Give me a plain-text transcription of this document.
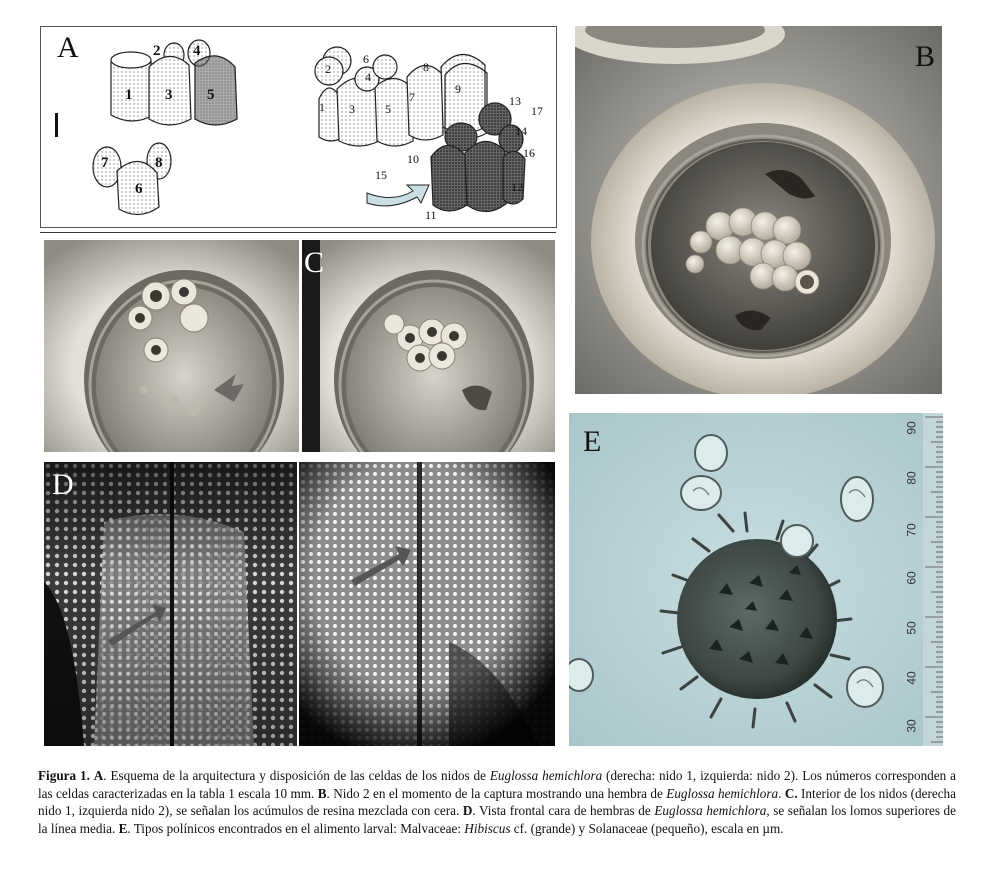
A
1
2
3
4
5
6
7	8
1
2
3
4
5
6
7
8
9
10
11
12
13
14
15
16
17
B
C
D
E	90
80
70
60
50
40
30
Figura 1. A. Esquema de la arquitectura y disposición de las celdas de los nidos de Euglossa hemichlora (derecha: nido 1, izquierda: nido 2). Los números corresponden a las celdas caracterizadas en la tabla 1 escala 10 mm. B. Nido 2 en el momento de la captura mostrando una hembra de Euglossa hemichlora. C. Interior de los nidos (derecha nido 1, izquierda nido 2), se señalan los acúmulos de resina mezclada con cera. D. Vista frontal cara de hembras de Euglossa hemichlora, se señalan los lomos superiores de la línea media. E. Tipos polínicos encontrados en el alimento larval: Malvaceae: Hibiscus cf. (grande) y Solanaceae (pequeño), escala en µm.
